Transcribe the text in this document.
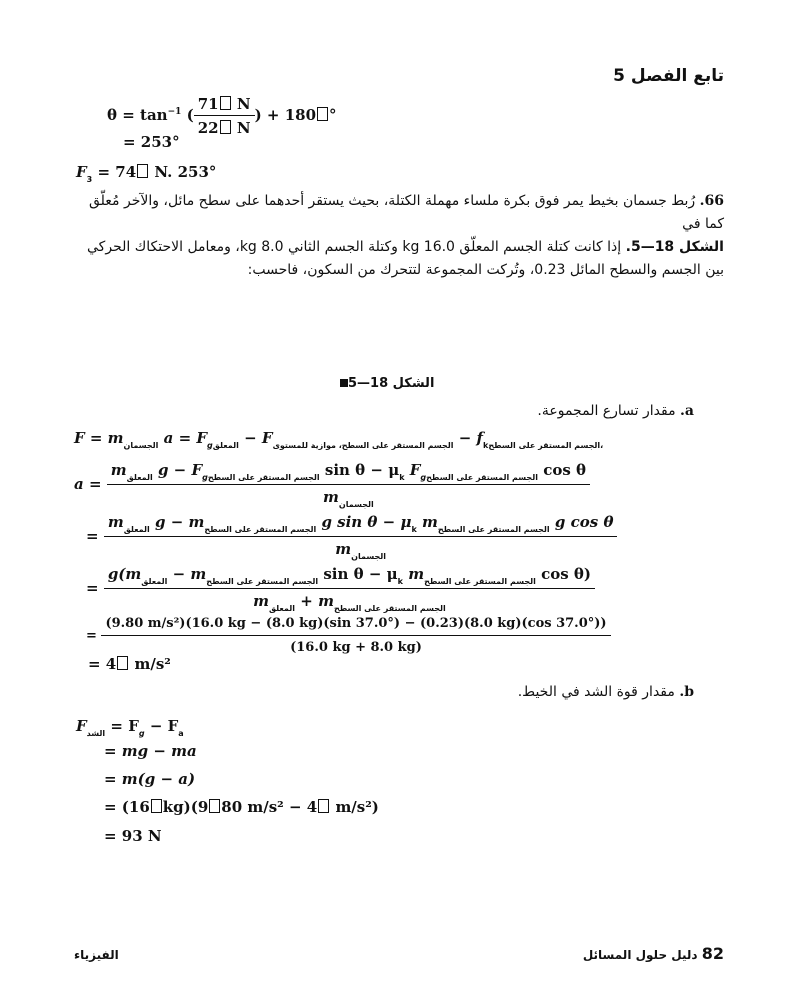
تابع الفصل 5
$\theta = \tan^{-1}$ ( $\frac{71 N}{22 N}$ ) + 180 °
= 253°
$F_3 = 74$ N. 253°
66. رُبط جسمان بخيط يمر فوق بكرة ملساء مهملة الكتلة، بحيث يستقر أحدهما على سطح مائل، والآخر مُعلّق كما في
الشكل 18—5. إذا كانت كتلة الجسم المعلّق 16.0 kg وكتلة الجسم الثاني 8.0 kg، ومعامل الاحتكاك الحركي
بين الجسم والسطح المائل 0.23، وتُركت المجموعة لتتحرك من السكون، فاحسب:
الشكل 18—5
a. مقدار تسارع المجموعة.
$F = m_{الجسمان}$ $a = F_{gالمعلق} - F_{الجسم المستقر على السطح، موازية للمستوى} - f_{kالجسم المستقر على السطح،}$
a =
$m_{المعلق}$ $g - F_{gالجسم المستقر على السطح}$ $\sin \theta - \mu_k$ $F_{gالجسم المستقر على السطح}$ cos θ
$m_{الجسمان}$
=
$m_{المعلق}$ $g - m_{الجسم المستقر على السطح}$ g $\sin \theta - \mu_k$ $m_{الجسم المستقر على السطح}$ g cos θ
$m_{الجسمان}$
=
$g(m_{المعلق} - m_{الجسم المستقر على السطح}$ $\sin \theta - \mu_k$ $m_{الجسم المستقر على السطح}$ cos θ)
$m_{المعلق} + m_{الجسم المستقر على السطح}$
=
(9.80 m/s²)(16.0 kg − (8.0 kg)(sin 37.0°) − (0.23)(8.0 kg)(cos 37.0°))
(16.0 kg + 8.0 kg)
= 4 m/s²
b. مقدار قوة الشد في الخيط.
$F_{الشد} = F_g - F_a$
= mg − ma
= m(g − a)
= (16 kg)(9 80 m/s² − 4 m/s²)
= 93 N
الفيزياء	82 دليل حلول المسائل
